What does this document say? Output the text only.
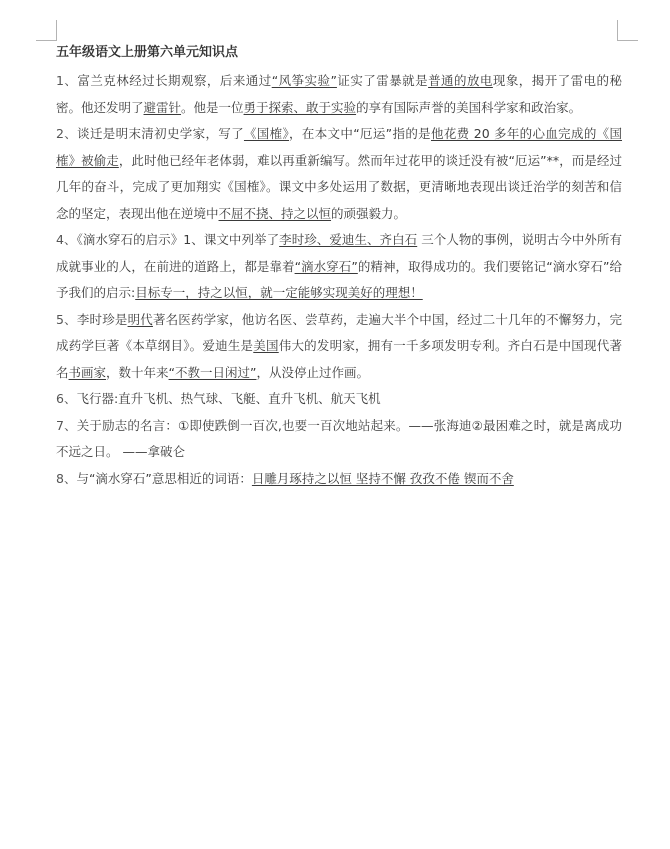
五年级语文上册第六单元知识点

1、富兰克林经过长期观察，后来通过“风筝实验”证实了雷暴就是普通的放电现象，揭开了雷电的秘密。他还发明了避雷针。他是一位勇于探索、敢于实验的享有国际声誉的美国科学家和政治家。

2、谈迁是明末清初史学家，写了《国榷》，在本文中“厄运”指的是他花费 20 多年的心血完成的《国榷》被偷走，此时他已经年老体弱，难以再重新编写。然而年过花甲的谈迁没有被“厄运”**，而是经过几年的奋斗，完成了更加翔实《国榷》。课文中多处运用了数据，更清晰地表现出谈迁治学的刻苦和信念的坚定，表现出他在逆境中不屈不挠、持之以恒的顽强毅力。

4、《滴水穿石的启示》1、课文中列举了李时珍、爱迪生、齐白石 三个人物的事例，说明古今中外所有成就事业的人，在前进的道路上，都是靠着“滴水穿石”的精神，取得成功的。我们要铭记“滴水穿石”给予我们的启示:目标专一，持之以恒，就一定能够实现美好的理想！

5、李时珍是明代著名医药学家，他访名医、尝草药，走遍大半个中国，经过二十几年的不懈努力，完成药学巨著《本草纲目》。爱迪生是美国伟大的发明家，拥有一千多项发明专利。齐白石是中国现代著名书画家，数十年来“不教一日闲过”，从没停止过作画。

6、飞行器:直升飞机、热气球、飞艇、直升飞机、航天飞机

7、关于励志的名言：①即使跌倒一百次,也要一百次地站起来。——张海迪②最困难之时，就是离成功不远之日。 ——拿破仑

8、与“滴水穿石”意思相近的词语：日雕月琢持之以恒 坚持不懈 孜孜不倦 锲而不舍
